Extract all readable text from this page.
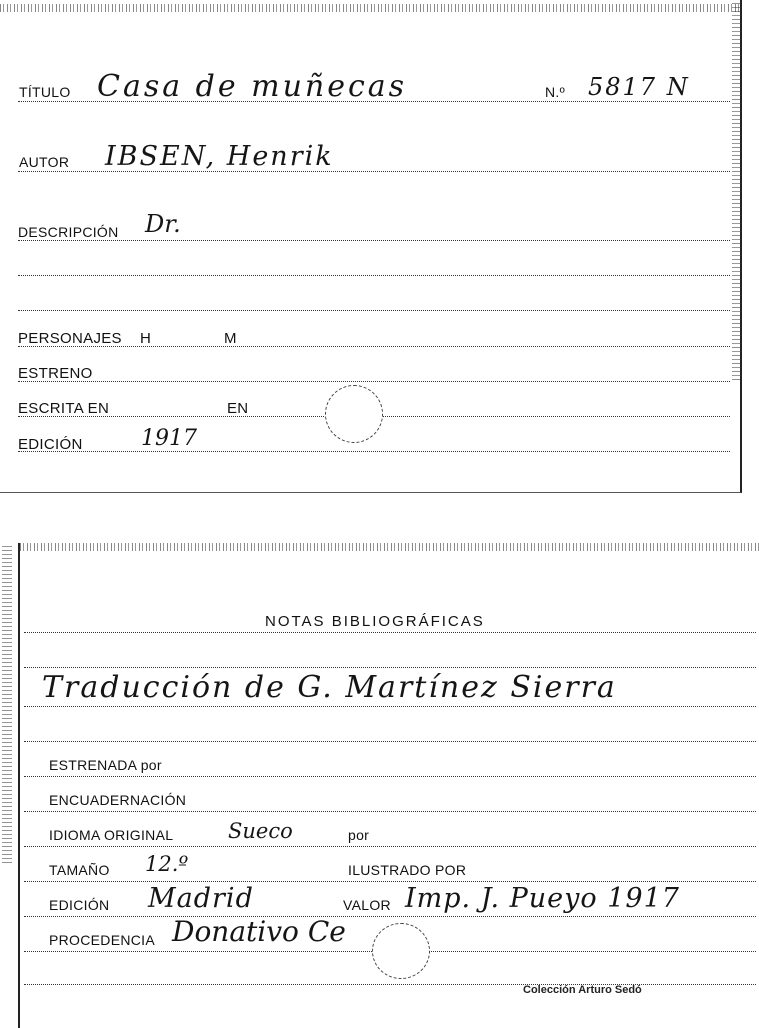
TÍTULO Casa de muñecas	N.º 5817 N
AUTOR IBSEN, Henrik
DESCRIPCIÓN Dr.
PERSONAJES H	M
ESTRENO
ESCRITA EN	EN
EDICIÓN	1917
NOTAS BIBLIOGRÁFICAS
Traducción de G. Martínez Sierra
ESTRENADA por
ENCUADERNACIÓN
IDIOMA ORIGINAL	Sueco	por
TAMAÑO 12.º	ILUSTRADO POR
EDICIÓN Madrid	VALOR Imp. J. Pueyo 1917
PROCEDENCIA Donativo Ce
Colección Arturo Sedó
